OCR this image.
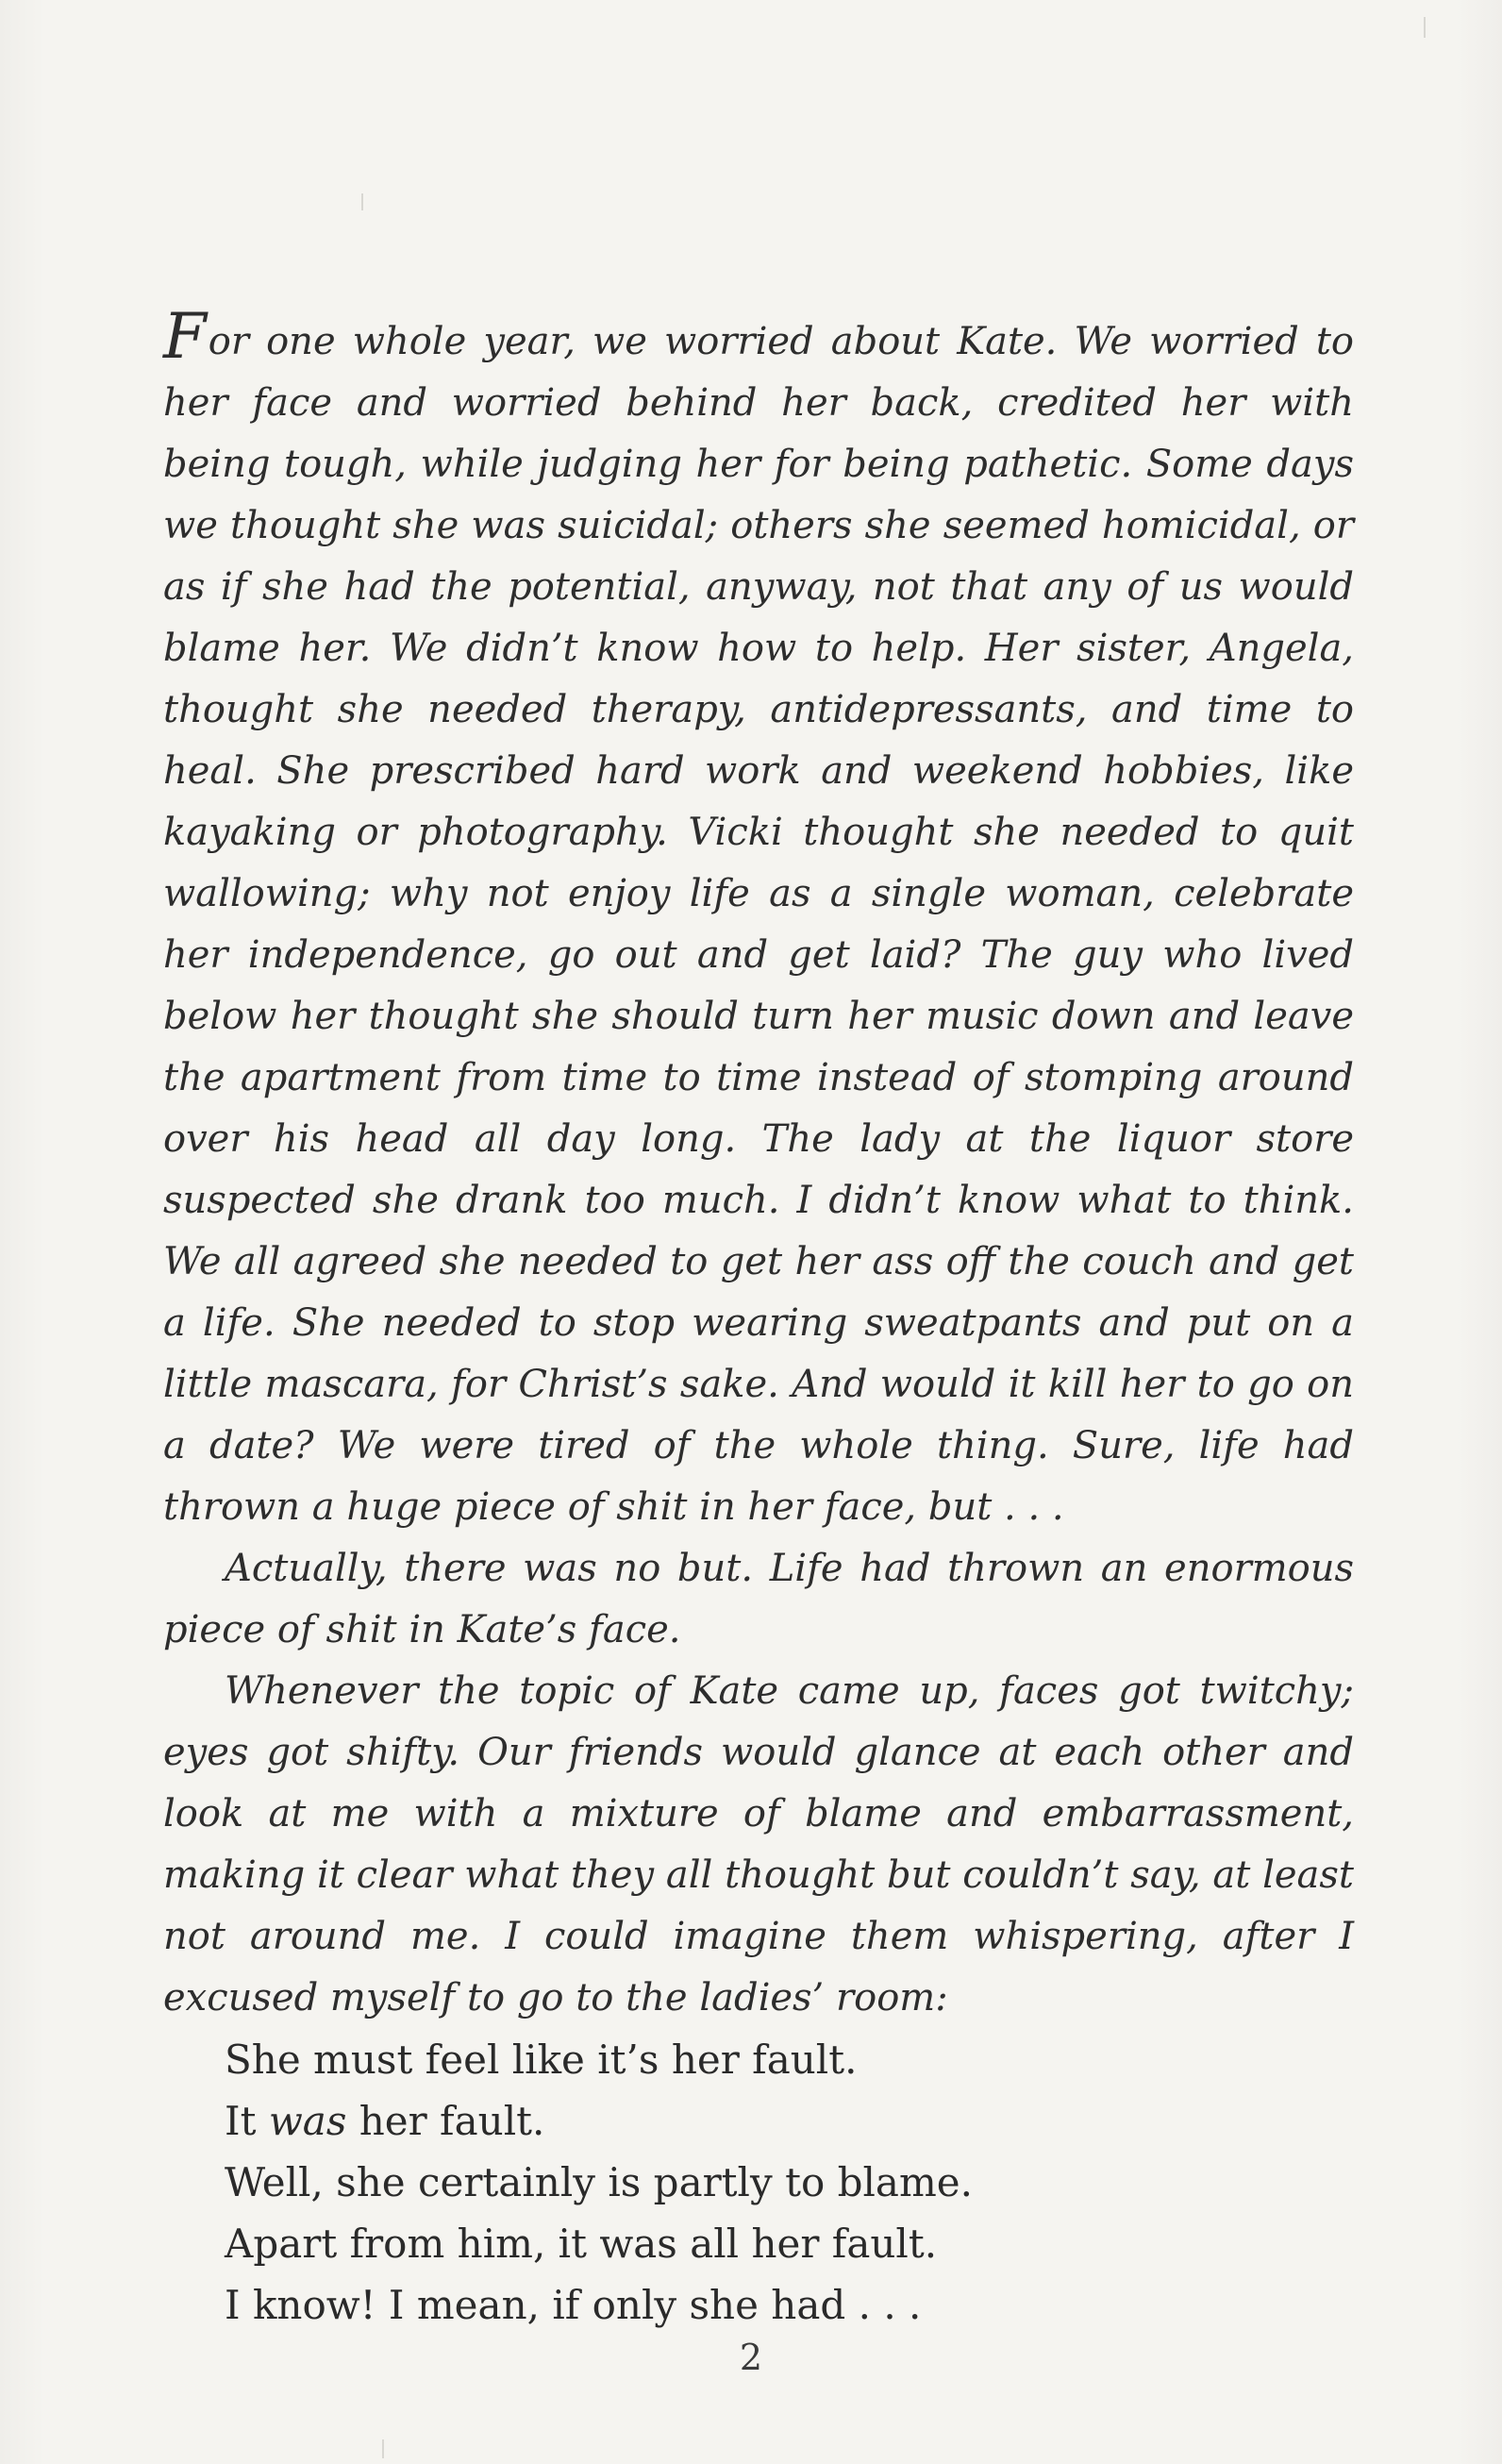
For one whole year, we worried about Kate. We worried to her face and worried behind her back, credited her with being tough, while judging her for being pathetic. Some days we thought she was suicidal; others she seemed homicidal, or as if she had the potential, anyway, not that any of us would blame her. We didn’t know how to help. Her sister, Angela, thought she needed therapy, antidepressants, and time to heal. She prescribed hard work and weekend hobbies, like kayaking or photography. Vicki thought she needed to quit wallowing; why not enjoy life as a single woman, celebrate her independence, go out and get laid? The guy who lived below her thought she should turn her music down and leave the apartment from time to time instead of stomping around over his head all day long. The lady at the liquor store suspected she drank too much. I didn’t know what to think. We all agreed she needed to get her ass off the couch and get a life. She needed to stop wearing sweatpants and put on a little mascara, for Christ’s sake. And would it kill her to go on a date? We were tired of the whole thing. Sure, life had thrown a huge piece of shit in her face, but . . .

Actually, there was no but. Life had thrown an enormous piece of shit in Kate’s face.

Whenever the topic of Kate came up, faces got twitchy; eyes got shifty. Our friends would glance at each other and look at me with a mixture of blame and embarrassment, making it clear what they all thought but couldn’t say, at least not around me. I could imagine them whispering, after I excused myself to go to the ladies’ room:

She must feel like it’s her fault.

It was her fault.

Well, she certainly is partly to blame.

Apart from him, it was all her fault.

I know! I mean, if only she had . . .

2
